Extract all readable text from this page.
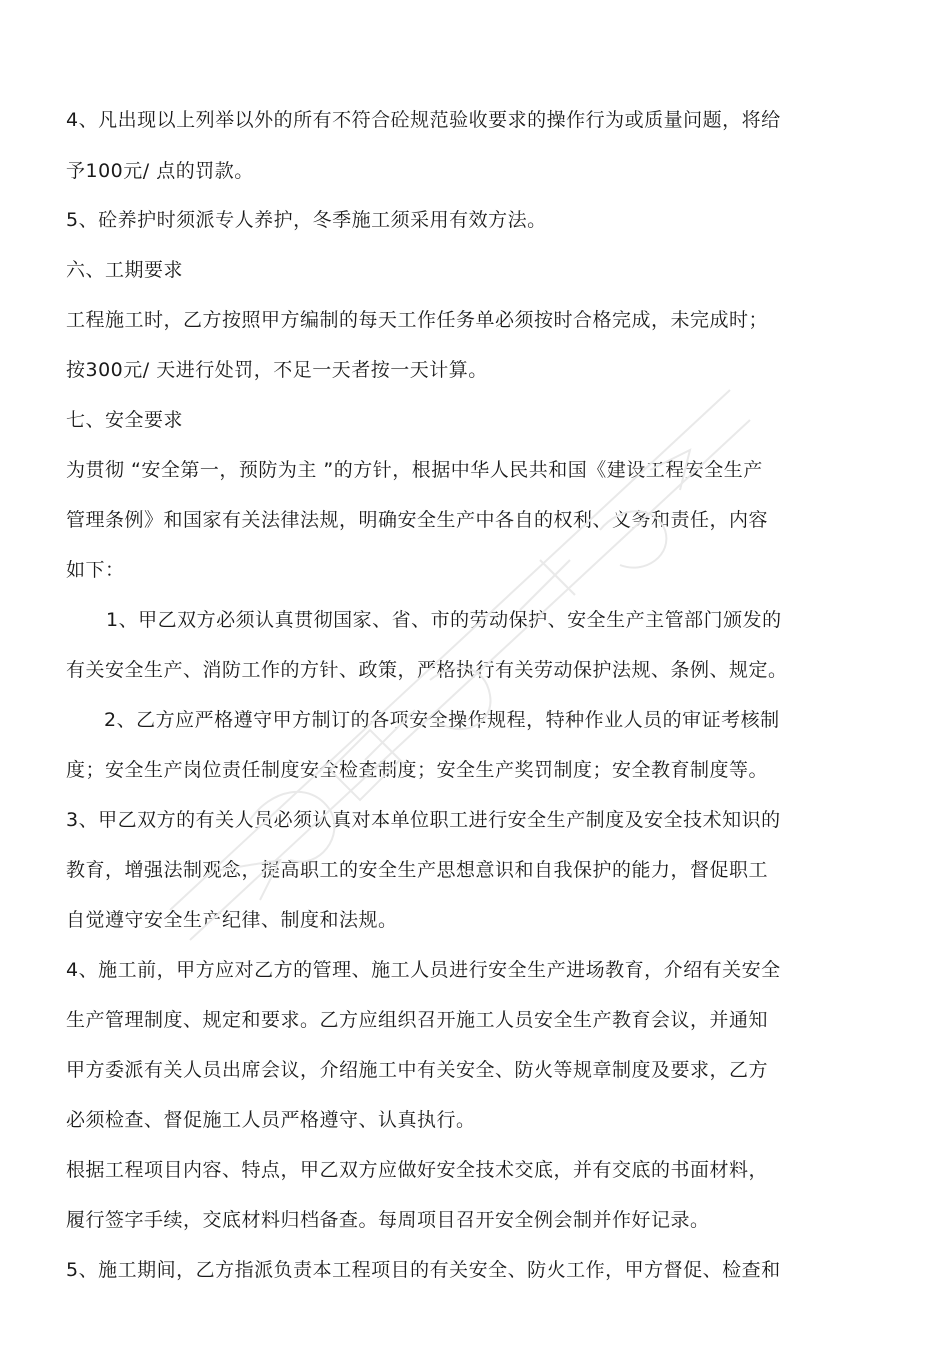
4、凡出现以上列举以外的所有不符合砼规范验收要求的操作行为或质量问题，将给
予100元/ 点的罚款。
5、砼养护时须派专人养护，冬季施工须采用有效方法。
六、工期要求
工程施工时，乙方按照甲方编制的每天工作任务单必须按时合格完成，未完成时；
按300元/ 天进行处罚，不足一天者按一天计算。
七、安全要求
为贯彻 “安全第一，预防为主 ”的方针，根据中华人民共和国《建设工程安全生产
管理条例》和国家有关法律法规，明确安全生产中各自的权利、义务和责任，内容
如下：
1、甲乙双方必须认真贯彻国家、省、市的劳动保护、安全生产主管部门颁发的
有关安全生产、消防工作的方针、政策，严格执行有关劳动保护法规、条例、规定。
2、乙方应严格遵守甲方制订的各项安全操作规程，特种作业人员的审证考核制
度；安全生产岗位责任制度安全检查制度；安全生产奖罚制度；安全教育制度等。
3、甲乙双方的有关人员必须认真对本单位职工进行安全生产制度及安全技术知识的
教育，增强法制观念，提高职工的安全生产思想意识和自我保护的能力，督促职工
自觉遵守安全生产纪律、制度和法规。
4、施工前，甲方应对乙方的管理、施工人员进行安全生产进场教育，介绍有关安全
生产管理制度、规定和要求。乙方应组织召开施工人员安全生产教育会议，并通知
甲方委派有关人员出席会议，介绍施工中有关安全、防火等规章制度及要求，乙方
必须检查、督促施工人员严格遵守、认真执行。
根据工程项目内容、特点，甲乙双方应做好安全技术交底，并有交底的书面材料，
履行签字手续，交底材料归档备查。每周项目召开安全例会制并作好记录。
5、施工期间，乙方指派负责本工程项目的有关安全、防火工作，甲方督促、检查和
